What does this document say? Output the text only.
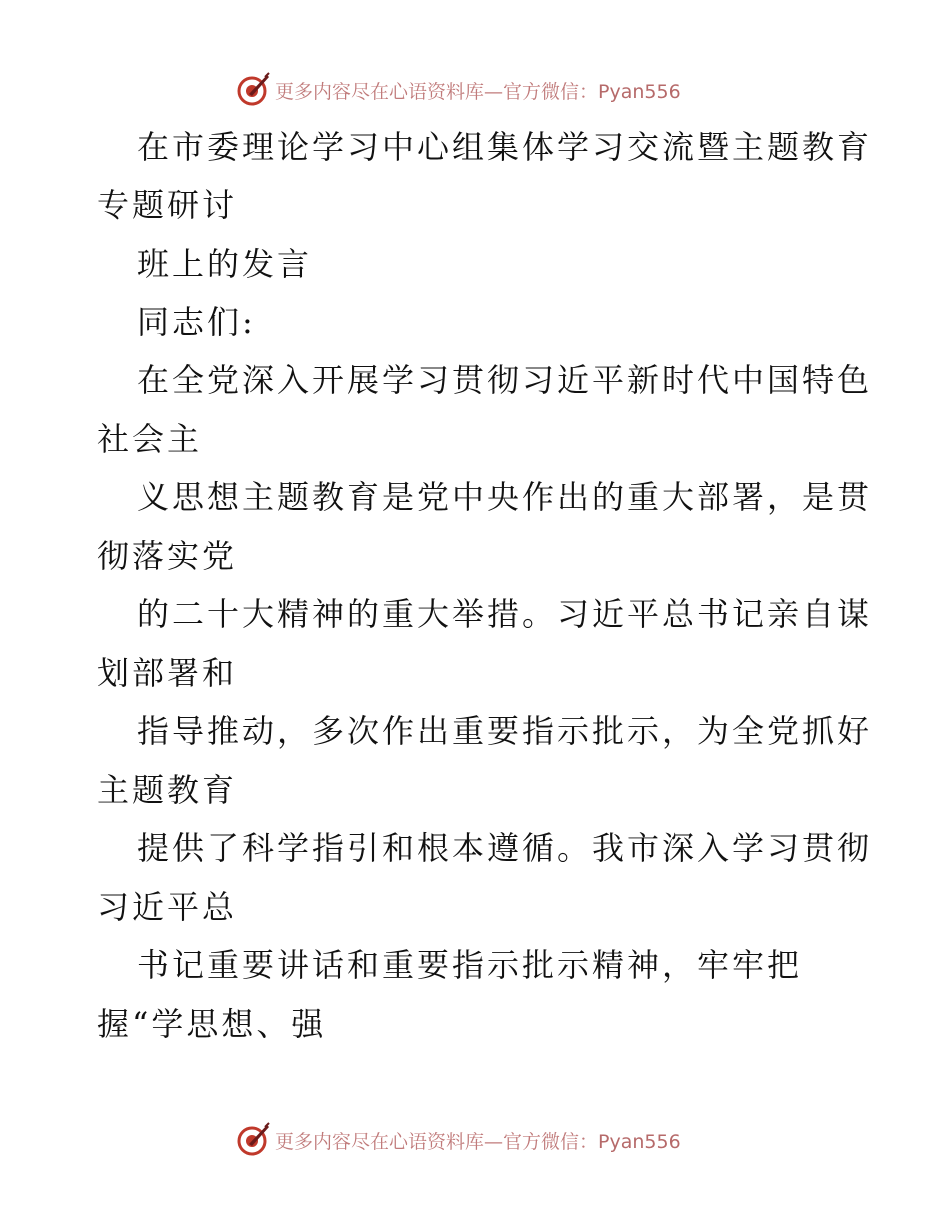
更多内容尽在心语资料库—官方微信：Pyan556
在市委理论学习中心组集体学习交流暨主题教育
专题研讨
班上的发言
同志们:
在全党深入开展学习贯彻习近平新时代中国特色
社会主
义思想主题教育是党中央作出的重大部署，是贯
彻落实党
的二十大精神的重大举措。习近平总书记亲自谋
划部署和
指导推动，多次作出重要指示批示，为全党抓好
主题教育
提供了科学指引和根本遵循。我市深入学习贯彻
习近平总
书记重要讲话和重要指示批示精神，牢牢把
握“学思想、强
更多内容尽在心语资料库—官方微信：Pyan556
